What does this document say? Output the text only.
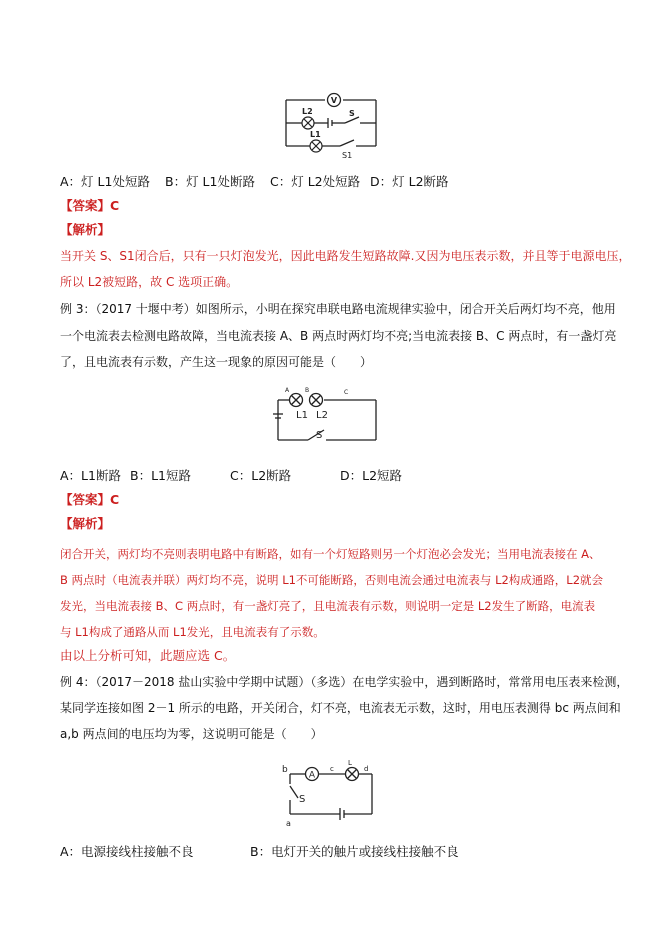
V
L2
L1
S
S1
A：灯 L1处短路 B：灯 L1处断路 C：灯 L2处短路 D：灯 L2断路
【答案】C
【解析】
当开关 S、S1闭合后，只有一只灯泡发光，因此电路发生短路故障.又因为电压表示数，并且等于电源电压，
所以 L2被短路，故 C 选项正确。
例 3：（2017 十堰中考）如图所示，小明在探究串联电路电流规律实验中，闭合开关后两灯均不亮，他用
一个电流表去检测电路故障，当电流表接 A、B 两点时两灯均不亮;当电流表接 B、C 两点时，有一盏灯亮
了，且电流表有示数，产生这一现象的原因可能是（　　）
A	B	C
L1 L2
S
A：L1断路 B：L1短路	C：L2断路	D：L2短路
【答案】C
【解析】
闭合开关，两灯均不亮则表明电路中有断路，如有一个灯短路则另一个灯泡必会发光；当用电流表接在 A、
B 两点时（电流表并联）两灯均不亮，说明 L1不可能断路，否则电流会通过电流表与 L2构成通路，L2就会
发光，当电流表接 B、C 两点时，有一盏灯亮了，且电流表有示数，则说明一定是 L2发生了断路，电流表
与 L1构成了通路从而 L1发光，且电流表有了示数。
由以上分析可知，此题应选 C。
例 4：（2017－2018 盐山实验中学期中试题）（多选）在电学实验中，遇到断路时，常常用电压表来检测，
某同学连接如图 2－1 所示的电路，开关闭合，灯不亮，电流表无示数，这时，用电压表测得 bc 两点间和
a,b 两点间的电压均为零，这说明可能是（　　）
A
b	c
L
d
S
a
A：电源接线柱接触不良	B：电灯开关的触片或接线柱接触不良
